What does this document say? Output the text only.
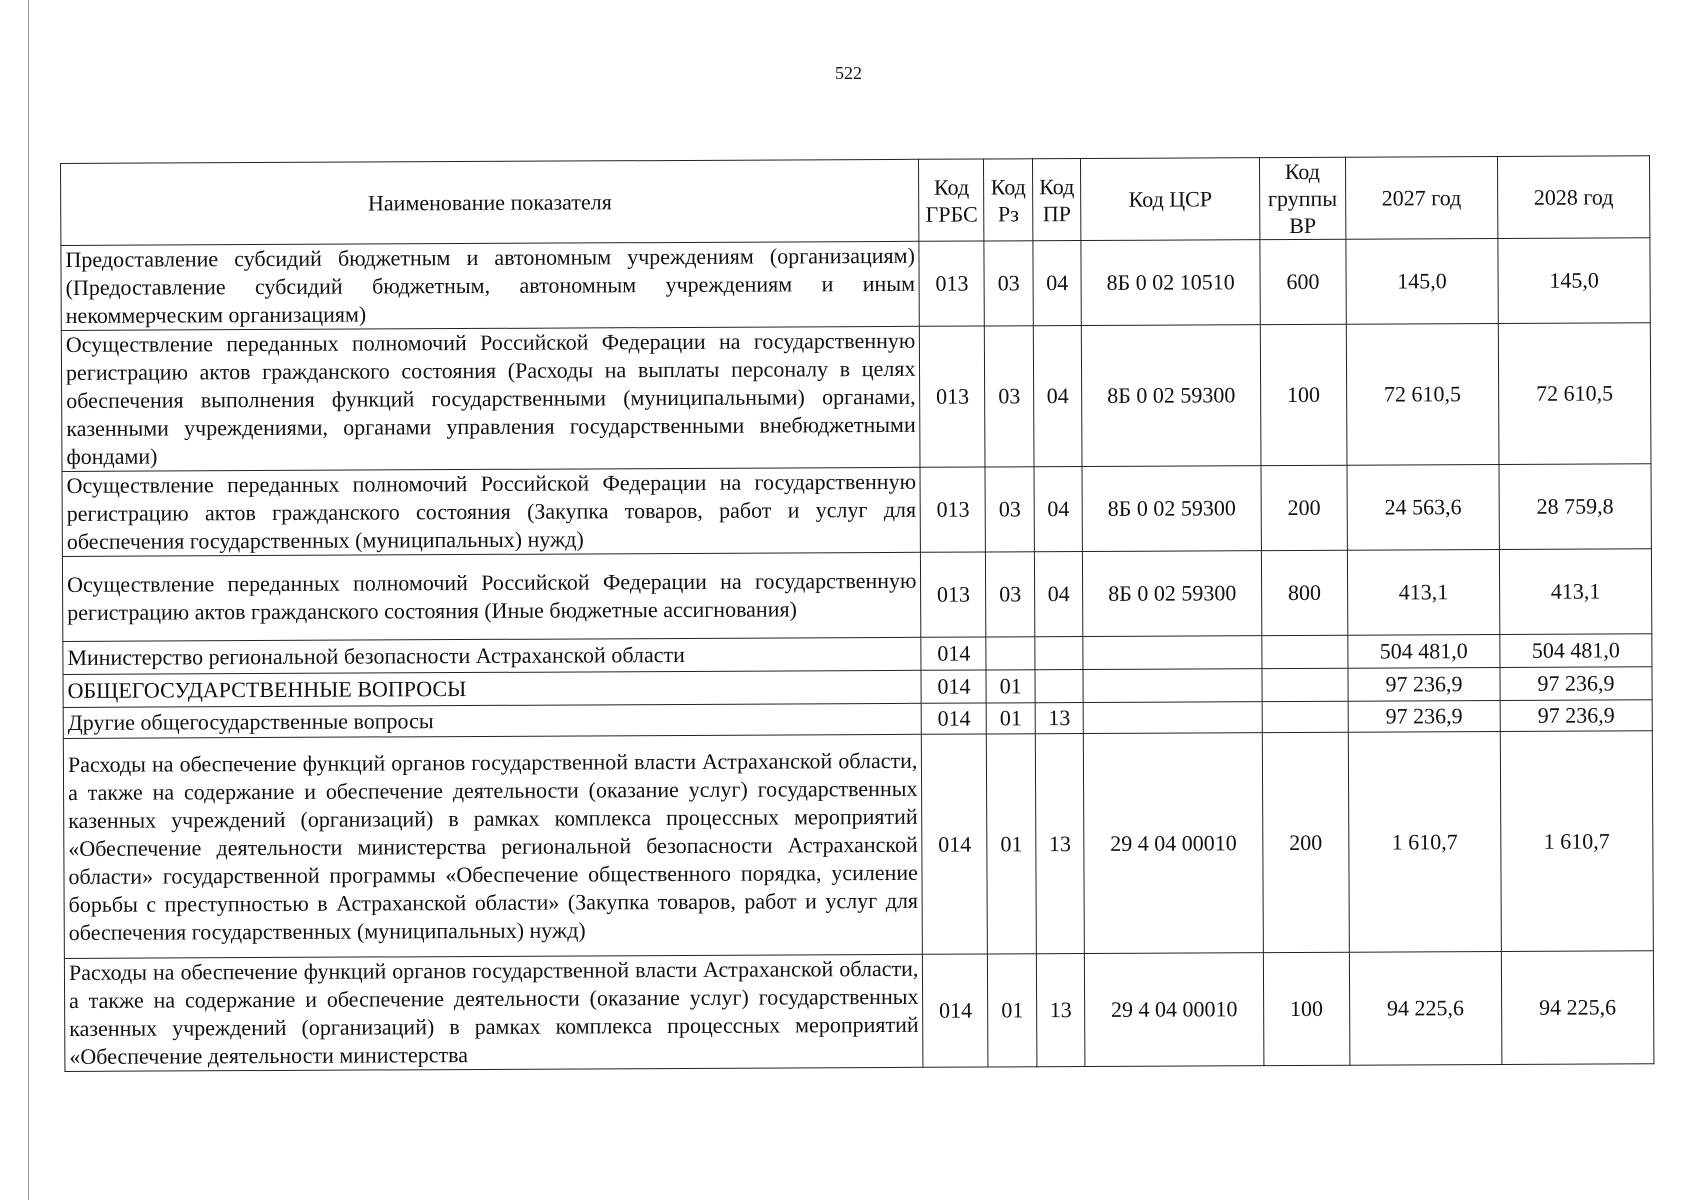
522
Наименование показателя	Код ГРБС	Код Рз	Код ПР	Код ЦСР	Код группы ВР	2027 год	2028 год
Предоставление субсидий бюджетным и автономным учреждениям (организациям) (Предоставление субсидий бюджетным, автономным учреждениям и иным некоммерческим организациям)	013	03	04	8Б 0 02 10510	600	145,0	145,0
Осуществление переданных полномочий Российской Федерации на государственную регистрацию актов гражданского состояния (Расходы на выплаты персоналу в целях обеспечения выполнения функций государственными (муниципальными) органами, казенными учреждениями, органами управления государственными внебюджетными фондами)	013	03	04	8Б 0 02 59300	100	72 610,5	72 610,5
Осуществление переданных полномочий Российской Федерации на государственную регистрацию актов гражданского состояния (Закупка товаров, работ и услуг для обеспечения государственных (муниципальных) нужд)	013	03	04	8Б 0 02 59300	200	24 563,6	28 759,8
Осуществление переданных полномочий Российской Федерации на государственную регистрацию актов гражданского состояния (Иные бюджетные ассигнования)	013	03	04	8Б 0 02 59300	800	413,1	413,1
Министерство региональной безопасности Астраханской области	014					504 481,0	504 481,0
ОБЩЕГОСУДАРСТВЕННЫЕ ВОПРОСЫ	014	01				97 236,9	97 236,9
Другие общегосударственные вопросы	014	01	13			97 236,9	97 236,9
Расходы на обеспечение функций органов государственной власти Астраханской области, а также на содержание и обеспечение деятельности (оказание услуг) государственных казенных учреждений (организаций) в рамках комплекса процессных мероприятий «Обеспечение деятельности министерства региональной безопасности Астраханской области» государственной программы «Обеспечение общественного порядка, усиление борьбы с преступностью в Астраханской области» (Закупка товаров, работ и услуг для обеспечения государственных (муниципальных) нужд)	014	01	13	29 4 04 00010	200	1 610,7	1 610,7
Расходы на обеспечение функций органов государственной власти Астраханской области, а также на содержание и обеспечение деятельности (оказание услуг) государственных казенных учреждений (организаций) в рамках комплекса процессных мероприятий «Обеспечение деятельности министерства	014	01	13	29 4 04 00010	100	94 225,6	94 225,6
